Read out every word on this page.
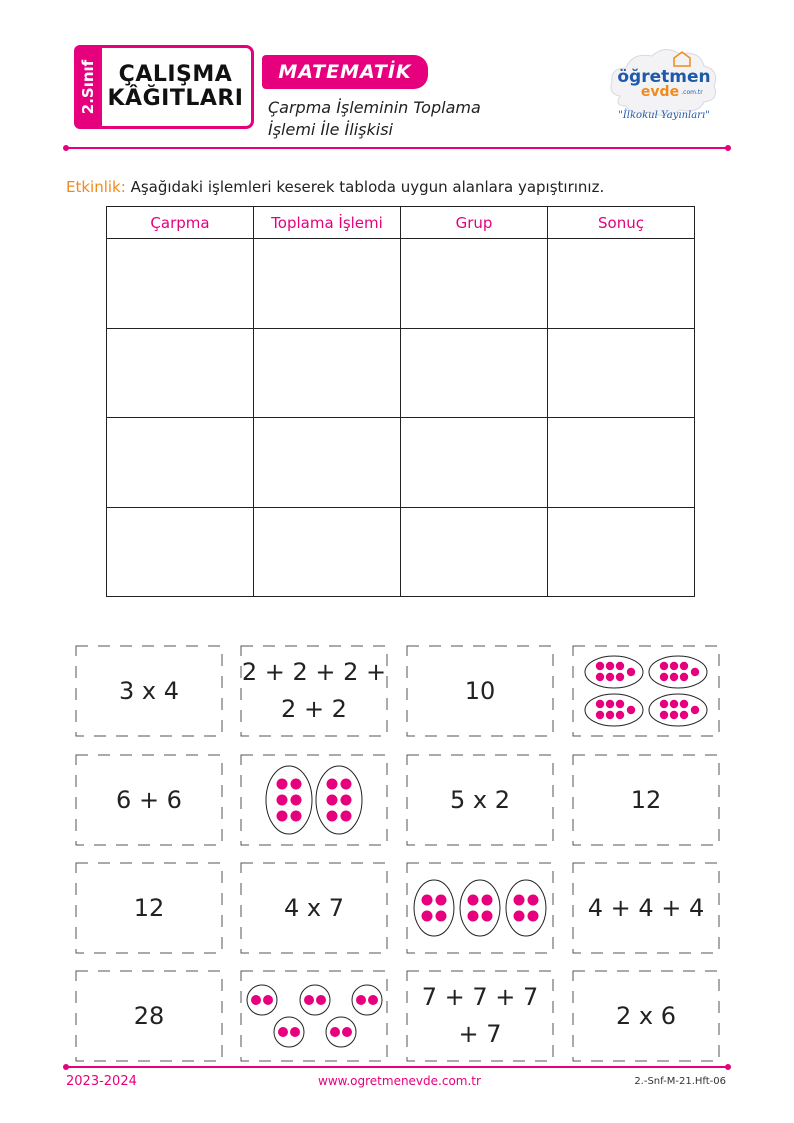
2.Sınıf ÇALIŞMA
KÂĞITLARI
MATEMATİK
Çarpma İşleminin Toplama
İşlemi İle İlişkisi
öğretmen
evde .com.tr
"İlkokul Yayınları"
Etkinlik: Aşağıdaki işlemleri keserek tabloda uygun alanlara yapıştırınız.
Çarpma	Toplama İşlemi	Grup	Sonuç

3 x 4
2 + 2 + 2 +
2 + 2
10
6 + 6	5 x 2	12
12	4 x 7	4 + 4 + 4
28
7 + 7 + 7
+ 7
2 x 6
2023-2024	www.ogretmenevde.com.tr	2.-Snf-M-21.Hft-06
